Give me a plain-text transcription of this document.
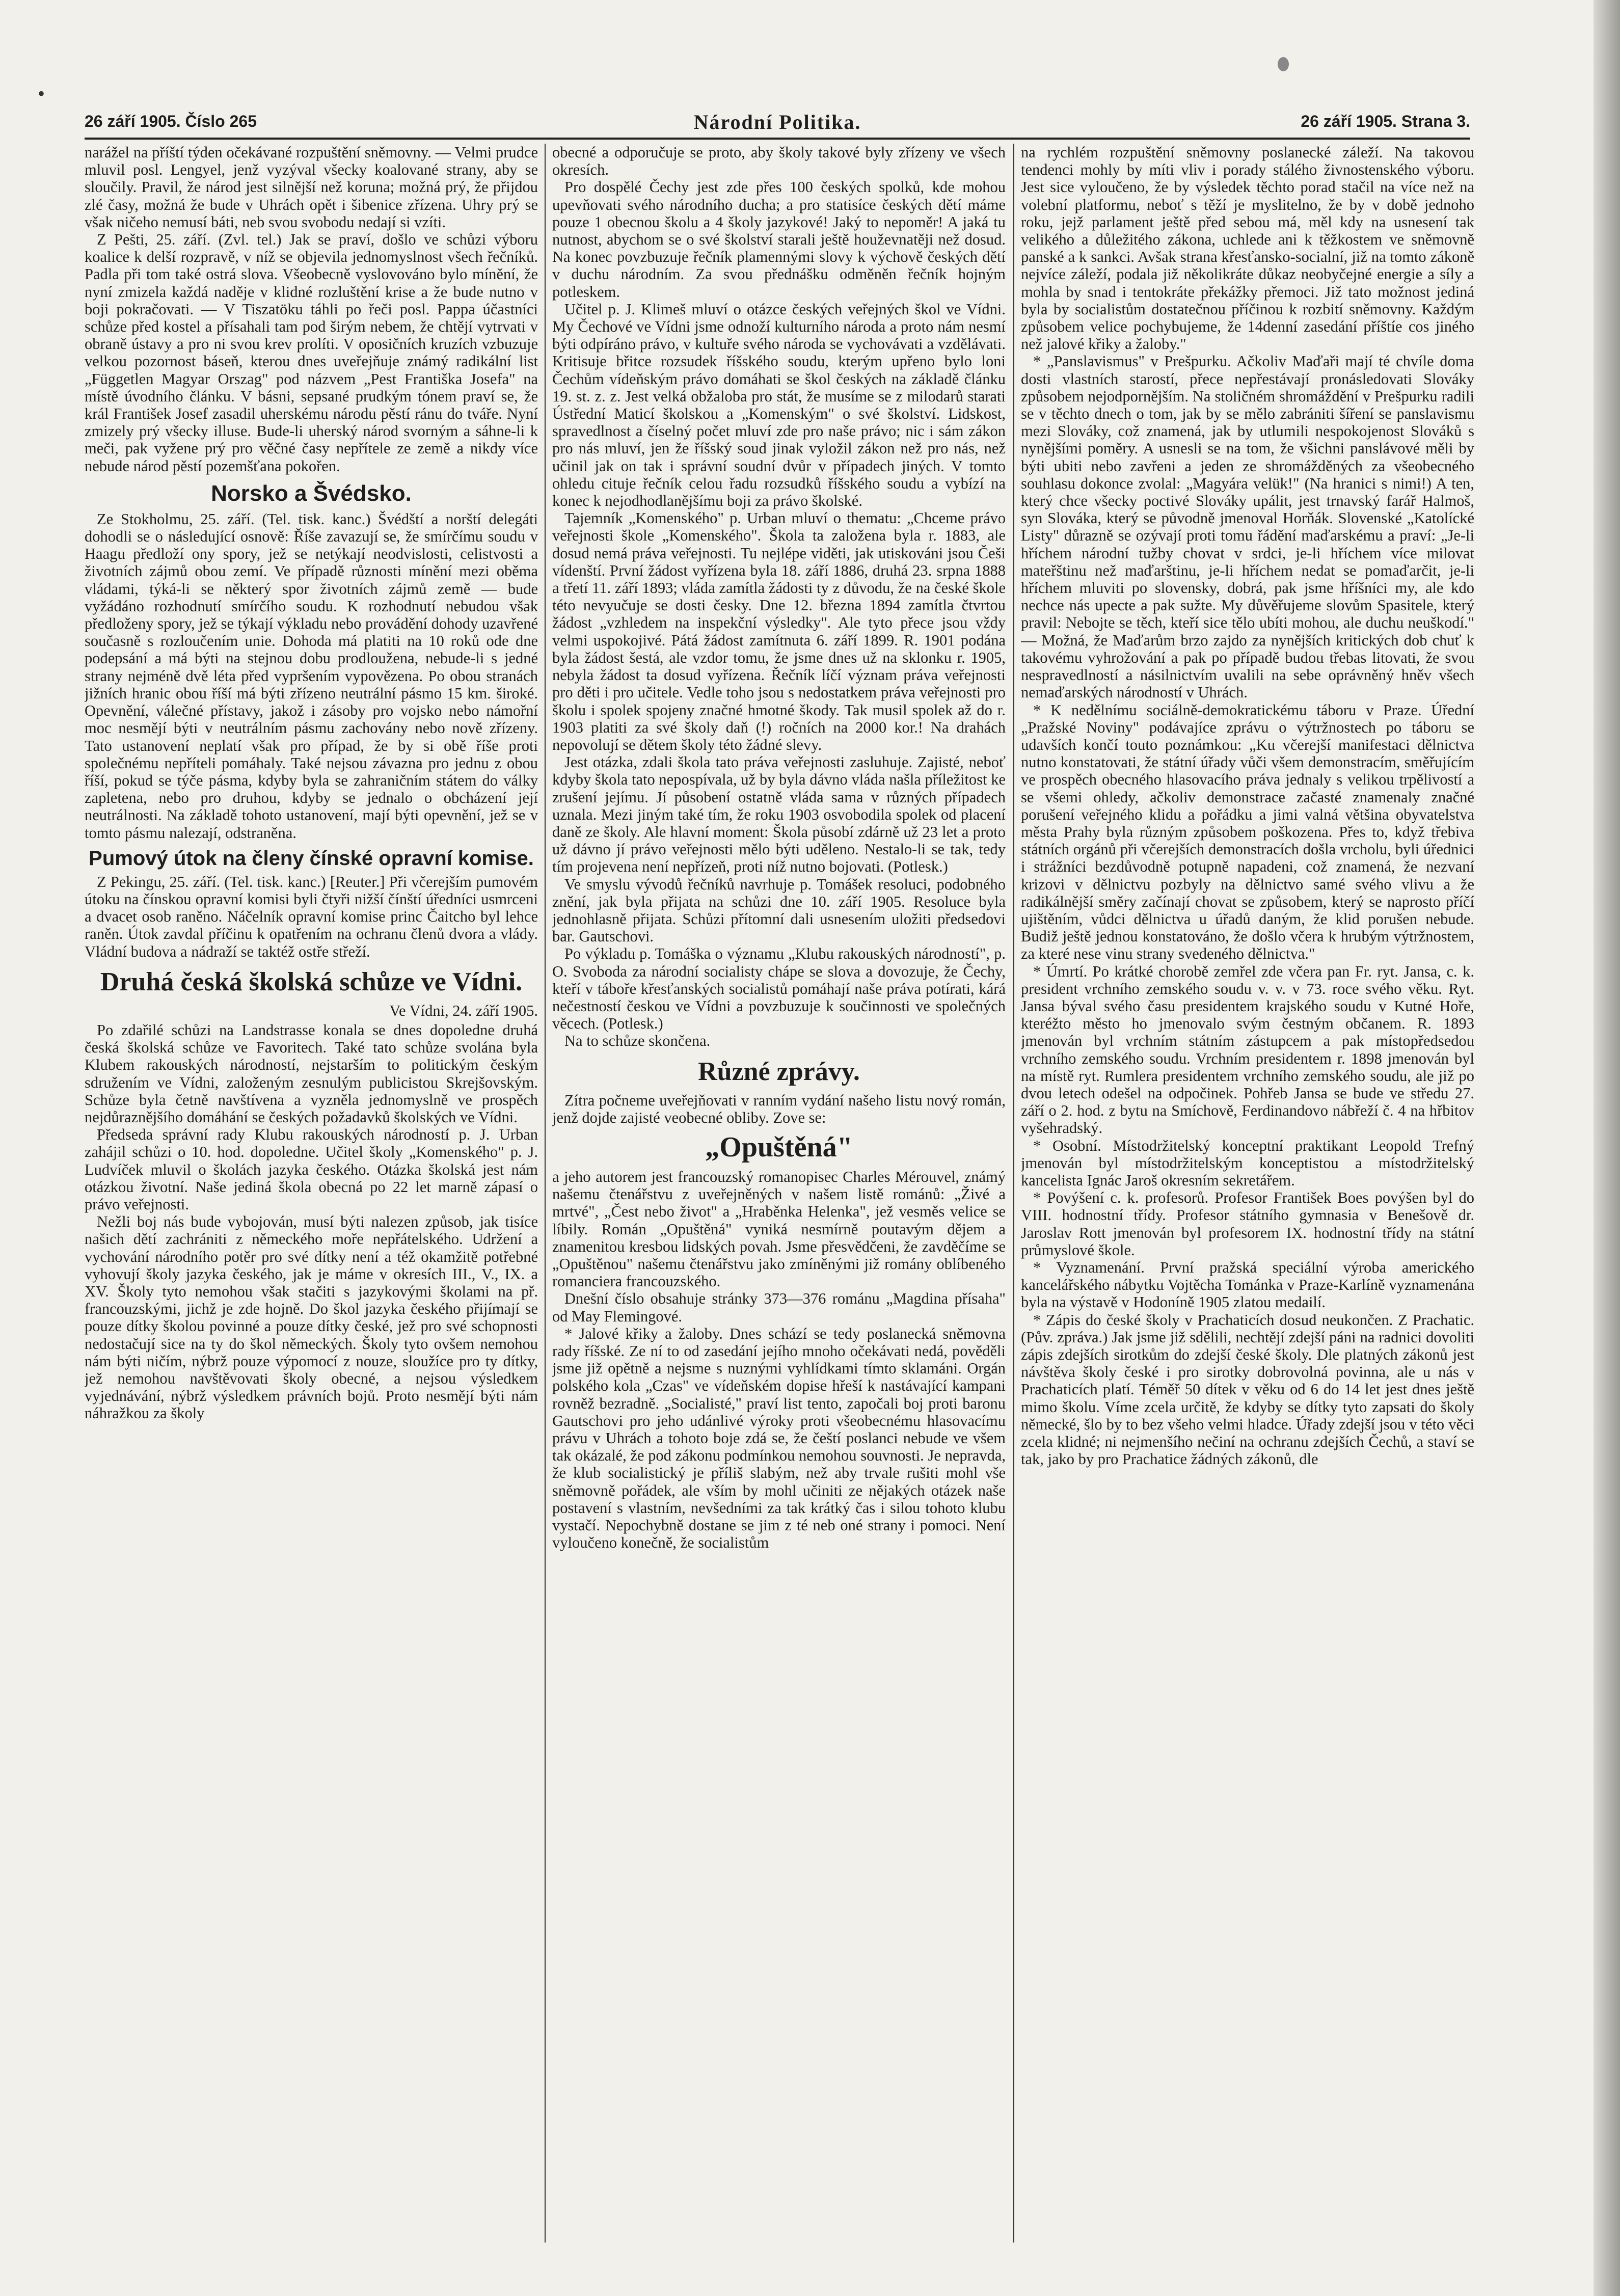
•
26 září 1905. Číslo 265	Národní Politika.	26 září 1905. Strana 3.

narážel na příští týden očekávané rozpuštění sněmovny. — Velmi prudce mluvil posl. Lengyel, jenž vyzýval všecky koalované strany, aby se sloučily. Pravil, že národ jest silnější než koruna; možná prý, že přijdou zlé časy, možná že bude v Uhrách opět i šibenice zřízena. Uhry prý se však ničeho nemusí báti, neb svou svobodu nedají si vzíti.

Z Pešti, 25. září. (Zvl. tel.) Jak se praví, došlo ve schůzi výboru koalice k delší rozpravě, v níž se objevila jednomyslnost všech řečníků. Padla při tom také ostrá slova. Všeobecně vyslovováno bylo mínění, že nyní zmizela každá naděje v klidné rozluštění krise a že bude nutno v boji pokračovati. — V Tiszatöku táhli po řeči posl. Pappa účastníci schůze před kostel a přísahali tam pod širým nebem, že chtějí vytrvati v obraně ústavy a pro ni svou krev prolíti. V oposičních kruzích vzbuzuje velkou pozornost báseň, kterou dnes uveřejňuje známý radikální list „Független Magyar Orszag" pod názvem „Pest Františka Josefa" na místě úvodního článku. V básni, sepsané prudkým tónem praví se, že král František Josef zasadil uherskému národu pěstí ránu do tváře. Nyní zmizely prý všecky illuse. Bude-li uherský národ svorným a sáhne-li k meči, pak vyžene prý pro věčné časy nepřítele ze země a nikdy více nebude národ pěstí pozemšťana pokořen.

Norsko a Švédsko.

Ze Stokholmu, 25. září. (Tel. tisk. kanc.) Švédští a norští delegáti dohodli se o následující osnově: Říše zavazují se, že smírčímu soudu v Haagu předloží ony spory, jež se netýkají neodvislosti, celistvosti a životních zájmů obou zemí. Ve případě různosti mínění mezi oběma vládami, týká-li se některý spor životních zájmů země — bude vyžádáno rozhodnutí smírčího soudu. K rozhodnutí nebudou však předloženy spory, jež se týkají výkladu nebo provádění dohody uzavřené současně s rozloučením unie. Dohoda má platiti na 10 roků ode dne podepsání a má býti na stejnou dobu prodloužena, nebude-li s jedné strany nejméně dvě léta před vypršením vypovězena. Po obou stranách jižních hranic obou říší má býti zřízeno neutrální pásmo 15 km. široké. Opevnění, válečné přístavy, jakož i zásoby pro vojsko nebo námořní moc nesmějí býti v neutrálním pásmu zachovány nebo nově zřízeny. Tato ustanovení neplatí však pro případ, že by si obě říše proti společnému nepříteli pomáhaly. Také nejsou závazna pro jednu z obou říší, pokud se týče pásma, kdyby byla se zahraničním státem do války zapletena, nebo pro druhou, kdyby se jednalo o obcházení její neutrálnosti. Na základě tohoto ustanovení, mají býti opevnění, jež se v tomto pásmu nalezají, odstraněna.

Pumový útok na členy čínské opravní komise.

Z Pekingu, 25. září. (Tel. tisk. kanc.) [Reuter.] Při včerejším pumovém útoku na čínskou opravní komisi byli čtyři nižší čínští úředníci usmrceni a dvacet osob raněno. Náčelník opravní komise princ Čaitcho byl lehce raněn. Útok zavdal příčinu k opatřením na ochranu členů dvora a vlády. Vládní budova a nádraží se taktéž ostře střeží.

Druhá česká školská schůze ve Vídni.
Ve Vídni, 24. září 1905.

Po zdařilé schůzi na Landstrasse konala se dnes dopoledne druhá česká školská schůze ve Favoritech. Také tato schůze svolána byla Klubem rakouských národností, nejstarším to politickým českým sdružením ve Vídni, založeným zesnulým publicistou Skrejšovským. Schůze byla četně navštívena a vyzněla jednomyslně ve prospěch nejdůraznějšího domáhání se českých požadavků školských ve Vídni.

Předseda správní rady Klubu rakouských národností p. J. Urban zahájil schůzi o 10. hod. dopoledne. Učitel školy „Komenského" p. J. Ludvíček mluvil o školách jazyka českého. Otázka školská jest nám otázkou životní. Naše jediná škola obecná po 22 let marně zápasí o právo veřejnosti.

Nežli boj nás bude vybojován, musí býti nalezen způsob, jak tisíce našich dětí zachrániti z německého moře nepřátelského. Udržení a vychování národního potěr pro své dítky není a též okamžitě potřebné vyhovují školy jazyka českého, jak je máme v okresích III., V., IX. a XV. Školy tyto nemohou však stačiti s jazykovými školami na př. francouzskými, jichž je zde hojně. Do škol jazyka českého přijímají se pouze dítky školou povinné a pouze dítky české, jež pro své schopnosti nedostačují sice na ty do škol německých. Školy tyto ovšem nemohou nám býti ničím, nýbrž pouze výpomocí z nouze, sloužíce pro ty dítky, jež nemohou navštěvovati školy obecné, a nejsou výsledkem vyjednávání, nýbrž výsledkem právních bojů. Proto nesmějí býti nám náhražkou za školy

obecné a odporučuje se proto, aby školy takové byly zřízeny ve všech okresích.

Pro dospělé Čechy jest zde přes 100 českých spolků, kde mohou upevňovati svého národního ducha; a pro statisíce českých dětí máme pouze 1 obecnou školu a 4 školy jazykové! Jaký to nepoměr! A jaká tu nutnost, abychom se o své školství starali ještě houževnatěji než dosud. Na konec povzbuzuje řečník plamennými slovy k výchově českých dětí v duchu národním. Za svou přednášku odměněn řečník hojným potleskem.

Učitel p. J. Klimeš mluví o otázce českých veřejných škol ve Vídni. My Čechové ve Vídni jsme odnoží kulturního národa a proto nám nesmí býti odpíráno právo, v kultuře svého národa se vychovávati a vzdělávati. Kritisuje břitce rozsudek říšského soudu, kterým upřeno bylo loni Čechům vídeňským právo domáhati se škol českých na základě článku 19. st. z. z. Jest velká obžaloba pro stát, že musíme se z milodarů starati Ústřední Maticí školskou a „Komenským" o své školství. Lidskost, spravedlnost a číselný počet mluví zde pro naše právo; nic i sám zákon pro nás mluví, jen že říšský soud jinak vyložil zákon než pro nás, než učinil jak on tak i správní soudní dvůr v případech jiných. V tomto ohledu cituje řečník celou řadu rozsudků říšského soudu a vybízí na konec k nejodhodlanějšímu boji za právo školské.

Tajemník „Komenského" p. Urban mluví o thematu: „Chceme právo veřejnosti škole „Komenského". Škola ta založena byla r. 1883, ale dosud nemá práva veřejnosti. Tu nejlépe viděti, jak utiskováni jsou Češi vídenští. První žádost vyřízena byla 18. září 1886, druhá 23. srpna 1888 a třetí 11. září 1893; vláda zamítla žádosti ty z důvodu, že na české škole této nevyučuje se dosti česky. Dne 12. března 1894 zamítla čtvrtou žádost „vzhledem na inspekční výsledky". Ale tyto přece jsou vždy velmi uspokojivé. Pátá žádost zamítnuta 6. září 1899. R. 1901 podána byla žádost šestá, ale vzdor tomu, že jsme dnes už na sklonku r. 1905, nebyla žádost ta dosud vyřízena. Řečník líčí význam práva veřejnosti pro děti i pro učitele. Vedle toho jsou s nedostatkem práva veřejnosti pro školu i spolek spojeny značné hmotné škody. Tak musil spolek až do r. 1903 platiti za své školy daň (!) ročních na 2000 kor.! Na drahách nepovolují se dětem školy této žádné slevy.

Jest otázka, zdali škola tato práva veřejnosti zasluhuje. Zajisté, neboť kdyby škola tato nepospívala, už by byla dávno vláda našla příležitost ke zrušení jejímu. Jí působení ostatně vláda sama v různých případech uznala. Mezi jiným také tím, že roku 1903 osvobodila spolek od placení daně ze školy. Ale hlavní moment: Škola působí zdárně už 23 let a proto už dávno jí právo veřejnosti mělo býti uděleno. Nestalo-li se tak, tedy tím projevena není nepřízeň, proti níž nutno bojovati. (Potlesk.)

Ve smyslu vývodů řečníků navrhuje p. Tomášek resoluci, podobného znění, jak byla přijata na schůzi dne 10. září 1905. Resoluce byla jednohlasně přijata. Schůzi přítomní dali usnesením uložiti předsedovi bar. Gautschovi.

Po výkladu p. Tomáška o významu „Klubu rakouských národností", p. O. Svoboda za národní socialisty chápe se slova a dovozuje, že Čechy, kteří v táboře křesťanských socialistů pomáhají naše práva potírati, kárá nečestností českou ve Vídni a povzbuzuje k součinnosti ve společných věcech. (Potlesk.)

Na to schůze skončena.

Různé zprávy.

Zítra počneme uveřejňovati v ranním vydání našeho listu nový román, jenž dojde zajisté veobecné obliby. Zove se:

„Opuštěná"

a jeho autorem jest francouzský romanopisec Charles Mérouvel, známý našemu čtenářstvu z uveřejněných v našem listě románů: „Živé a mrtvé", „Čest nebo život" a „Hraběnka Helenka", jež vesměs velice se líbily. Román „Opuštěná" vyniká nesmírně poutavým dějem a znamenitou kresbou lidských povah. Jsme přesvědčeni, že zavděčíme se „Opuštěnou" našemu čtenářstvu jako zmíněnými již romány oblíbeného romanciera francouzského.

Dnešní číslo obsahuje stránky 373—376 románu „Magdina přísaha" od May Flemingové.

* Jalové křiky a žaloby. Dnes schází se tedy poslanecká sněmovna rady říšské. Ze ní to od zasedání jejího mnoho očekávati nedá, pověděli jsme již opětně a nejsme s nuznými vyhlídkami tímto sklamáni. Orgán polského kola „Czas" ve vídeňském dopise hřeší k nastávající kampani rovněž bezradně. „Socialisté," praví list tento, započali boj proti baronu Gautschovi pro jeho udánlivé výroky proti všeobecnému hlasovacímu právu v Uhrách a tohoto boje zdá se, že čeští poslanci nebude ve všem tak okázalé, že pod zákonu podmínkou nemohou souvnosti. Je nepravda, že klub socialistický je příliš slabým, než aby trvale rušiti mohl vše sněmovně pořádek, ale vším by mohl učiniti ze nějakých otázek naše postavení s vlastním, nevšedními za tak krátký čas i silou tohoto klubu vystačí. Nepochybně dostane se jim z té neb oné strany i pomoci. Není vyloučeno konečně, že socialistům

na rychlém rozpuštění sněmovny poslanecké záleží. Na takovou tendenci mohly by míti vliv i porady stálého živnostenského výboru. Jest sice vyloučeno, že by výsledek těchto porad stačil na více než na volební platformu, neboť s těží je myslitelno, že by v době jednoho roku, jejž parlament ještě před sebou má, měl kdy na usnesení tak velikého a důležitého zákona, uchlede ani k těžkostem ve sněmovně panské a k sankci. Avšak strana křesťansko-socialní, již na tomto zákoně nejvíce záleží, podala již několikráte důkaz neobyčejné energie a síly a mohla by snad i tentokráte překážky přemoci. Již tato možnost jediná byla by socialistům dostatečnou příčinou k rozbití sněmovny. Každým způsobem velice pochybujeme, že 14denní zasedání příštíe cos jiného než jalové křiky a žaloby."

* „Panslavismus" v Prešpurku. Ačkoliv Maďaři mají té chvíle doma dosti vlastních starostí, přece nepřestávají pronásledovati Slováky způsobem nejodpornějším. Na stoličném shromáždění v Prešpurku radili se v těchto dnech o tom, jak by se mělo zabrániti šíření se panslavismu mezi Slováky, což znamená, jak by utlumili nespokojenost Slováků s nynějšími poměry. A usnesli se na tom, že všichni panslávové měli by býti ubiti nebo zavřeni a jeden ze shromážděných za všeobecného souhlasu dokonce zvolal: „Magyára velük!" (Na hranici s nimi!) A ten, který chce všecky poctivé Slováky upálit, jest trnavský farář Halmoš, syn Slováka, který se původně jmenoval Horňák. Slovenské „Katolícké Listy" důrazně se ozývají proti tomu řádění maďarskému a praví: „Je-li hříchem národní tužby chovat v srdci, je-li hříchem více milovat mateřštinu než maďarštinu, je-li hříchem nedat se pomaďarčit, je-li hříchem mluviti po slovensky, dobrá, pak jsme hříšníci my, ale kdo nechce nás upecte a pak sužte. My důvěřujeme slovům Spasitele, který pravil: Nebojte se těch, kteří sice tělo ubíti mohou, ale duchu neuškodí." — Možná, že Maďarům brzo zajdo za nynějších kritických dob chuť k takovému vyhrožování a pak po případě budou třebas litovati, že svou nespravedlností a násilnictvím uvalili na sebe oprávněný hněv všech nemaďarských národností v Uhrách.

* K nedělnímu sociálně-demokratickému táboru v Praze. Úřední „Pražské Noviny" podávajíce zprávu o výtržnostech po táboru se udavších končí touto poznámkou: „Ku včerejší manifestaci dělnictva nutno konstatovati, že státní úřady vůči všem demonstracím, směřujícím ve prospěch obecného hlasovacího práva jednaly s velikou trpělivostí a se všemi ohledy, ačkoliv demonstrace začasté znamenaly značné porušení veřejného klidu a pořádku a jimi valná většina obyvatelstva města Prahy byla různým způsobem poškozena. Přes to, když třebiva státních orgánů při včerejších demonstracích došla vrcholu, byli úřednici i strážníci bezdůvodně potupně napadeni, což znamená, že nezvaní krizovi v dělnictvu pozbyly na dělnictvo samé svého vlivu a že radikálnější směry začínají chovat se způsobem, který se naprosto příčí ujištěním, vůdci dělnictva u úřadů daným, že klid porušen nebude. Budiž ještě jednou konstatováno, že došlo včera k hrubým výtržnostem, za které nese vinu strany svedeného dělnictva."

* Úmrtí. Po krátké chorobě zemřel zde včera pan Fr. ryt. Jansa, c. k. president vrchního zemského soudu v. v. v 73. roce svého věku. Ryt. Jansa býval svého času presidentem krajského soudu v Kutné Hoře, kteréžto město ho jmenovalo svým čestným občanem. R. 1893 jmenován byl vrchním státním zástupcem a pak místopředsedou vrchního zemského soudu. Vrchním presidentem r. 1898 jmenován byl na místě ryt. Rumlera presidentem vrchního zemského soudu, ale již po dvou letech odešel na odpočinek. Pohřeb Jansa se bude ve středu 27. září o 2. hod. z bytu na Smíchově, Ferdinandovo nábřeží č. 4 na hřbitov vyšehradský.

* Osobní. Místodržitelský konceptní praktikant Leopold Trefný jmenován byl místodržitelským konceptistou a místodržitelský kancelista Ignác Jaroš okresním sekretářem.

* Povýšení c. k. profesorů. Profesor František Boes povýšen byl do VIII. hodnostní třídy. Profesor státního gymnasia v Benešově dr. Jaroslav Rott jmenován byl profesorem IX. hodnostní třídy na státní průmyslové škole.

* Vyznamenání. První pražská speciální výroba amerického kancelářského nábytku Vojtěcha Tománka v Praze-Karlíně vyznamenána byla na výstavě v Hodoníně 1905 zlatou medailí.

* Zápis do české školy v Prachaticích dosud neukončen. Z Prachatic. (Pův. zpráva.) Jak jsme již sdělili, nechtějí zdejší páni na radnici dovoliti zápis zdejších sirotkům do zdejší české školy. Dle platných zákonů jest návštěva školy české i pro sirotky dobrovolná povinna, ale u nás v Prachaticích platí. Téměř 50 dítek v věku od 6 do 14 let jest dnes ještě mimo školu. Víme zcela určitě, že kdyby se dítky tyto zapsati do školy německé, šlo by to bez všeho velmi hladce. Úřady zdejší jsou v této věci zcela klidné; ni nejmenšího nečiní na ochranu zdejších Čechů, a staví se tak, jako by pro Prachatice žádných zákonů, dle
